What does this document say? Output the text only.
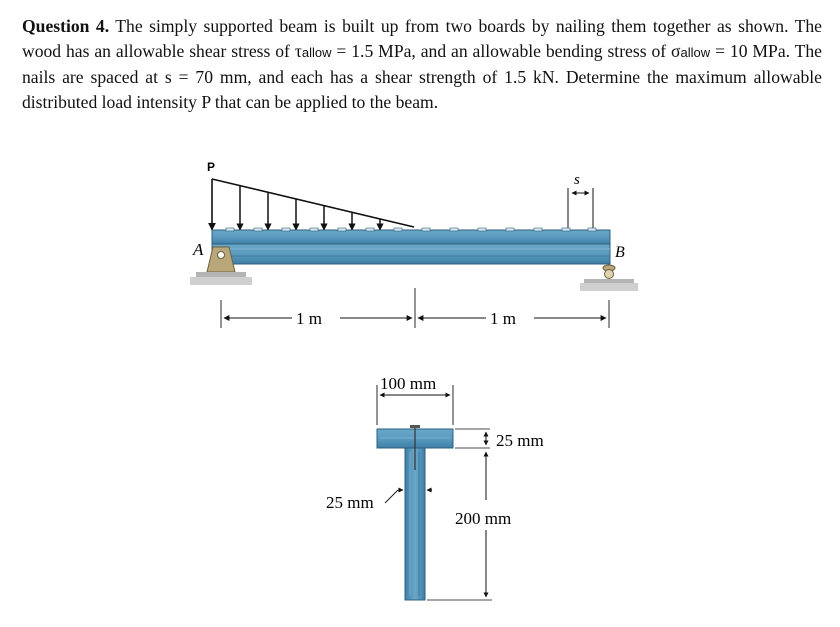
Question 4. The simply supported beam is built up from two boards by nailing them together as shown. The wood has an allowable shear stress of τallow = 1.5 MPa, and an allowable bending stress of σallow = 10 MPa. The nails are spaced at s = 70 mm, and each has a shear strength of 1.5 kN. Determine the maximum allowable distributed load intensity P that can be applied to the beam.

P
s
A	B
1 m	1 m
100 mm
25 mm
25 mm
200 mm
